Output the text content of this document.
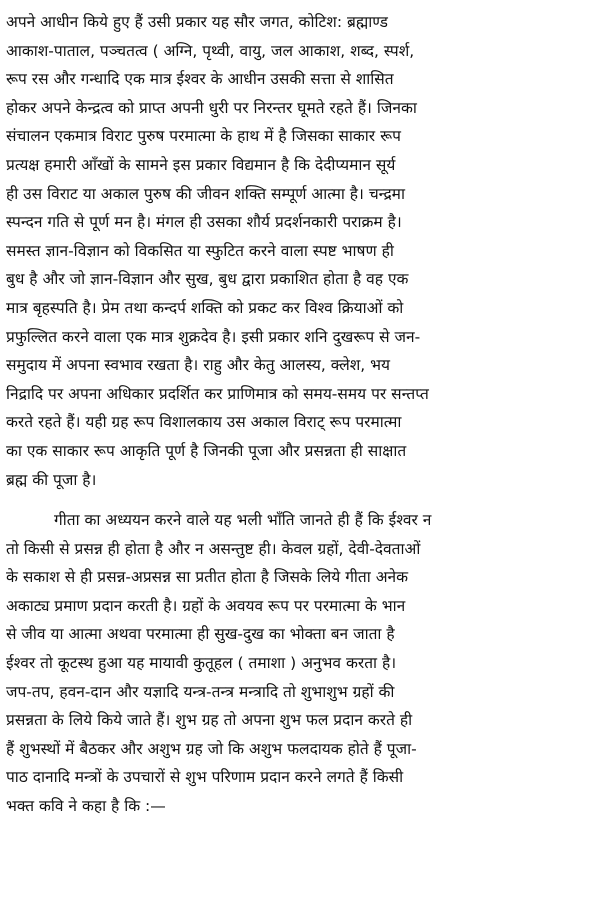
अपने आधीन किये हुए हैं उसी प्रकार यह सौर जगत, कोटिश: ब्रह्माण्ड
आकाश-पाताल, पञ्चतत्व ( अग्नि, पृथ्वी, वायु, जल आकाश, शब्द, स्पर्श,
रूप रस और गन्धादि एक मात्र ईश्वर के आधीन उसकी सत्ता से शासित
होकर अपने केन्द्रत्व को प्राप्त अपनी धुरी पर निरन्तर घूमते रहते हैं। जिनका
संचालन एकमात्र विराट पुरुष परमात्मा के हाथ में है जिसका साकार रूप
प्रत्यक्ष हमारी आँखों के सामने इस प्रकार विद्यमान है कि देदीप्यमान सूर्य
ही उस विराट या अकाल पुरुष की जीवन शक्ति सम्पूर्ण आत्मा है। चन्द्रमा
स्पन्दन गति से पूर्ण मन है। मंगल ही उसका शौर्य प्रदर्शनकारी पराक्रम है।
समस्त ज्ञान-विज्ञान को विकसित या स्फुटित करने वाला स्पष्ट भाषण ही
बुध है और जो ज्ञान-विज्ञान और सुख, बुध द्वारा प्रकाशित होता है वह एक
मात्र बृहस्पति है। प्रेम तथा कन्दर्प शक्ति को प्रकट कर विश्व क्रियाओं को
प्रफुल्लित करने वाला एक मात्र शुक्रदेव है। इसी प्रकार शनि दुखरूप से जन-
समुदाय में अपना स्वभाव रखता है। राहु और केतु आलस्य, क्लेश, भय
निद्रादि पर अपना अधिकार प्रदर्शित कर प्राणिमात्र को समय-समय पर सन्तप्त
करते रहते हैं। यही ग्रह रूप विशालकाय उस अकाल विराट् रूप परमात्मा
का एक साकार रूप आकृति पूर्ण है जिनकी पूजा और प्रसन्नता ही साक्षात
ब्रह्म की पूजा है।
गीता का अध्ययन करने वाले यह भली भाँति जानते ही हैं कि ईश्वर न
तो किसी से प्रसन्न ही होता है और न असन्तुष्ट ही। केवल ग्रहों, देवी-देवताओं
के सकाश से ही प्रसन्न-अप्रसन्न सा प्रतीत होता है जिसके लिये गीता अनेक
अकाट्य प्रमाण प्रदान करती है। ग्रहों के अवयव रूप पर परमात्मा के भान
से जीव या आत्मा अथवा परमात्मा ही सुख-दुख का भोक्ता बन जाता है
ईश्वर तो कूटस्थ हुआ यह मायावी कुतूहल ( तमाशा ) अनुभव करता है।
जप-तप, हवन-दान और यज्ञादि यन्त्र-तन्त्र मन्त्रादि तो शुभाशुभ ग्रहों की
प्रसन्नता के लिये किये जाते हैं। शुभ ग्रह तो अपना शुभ फल प्रदान करते ही
हैं शुभस्थों में बैठकर और अशुभ ग्रह जो कि अशुभ फलदायक होते हैं पूजा-
पाठ दानादि मन्त्रों के उपचारों से शुभ परिणाम प्रदान करने लगते हैं किसी
भक्त कवि ने कहा है कि :—
